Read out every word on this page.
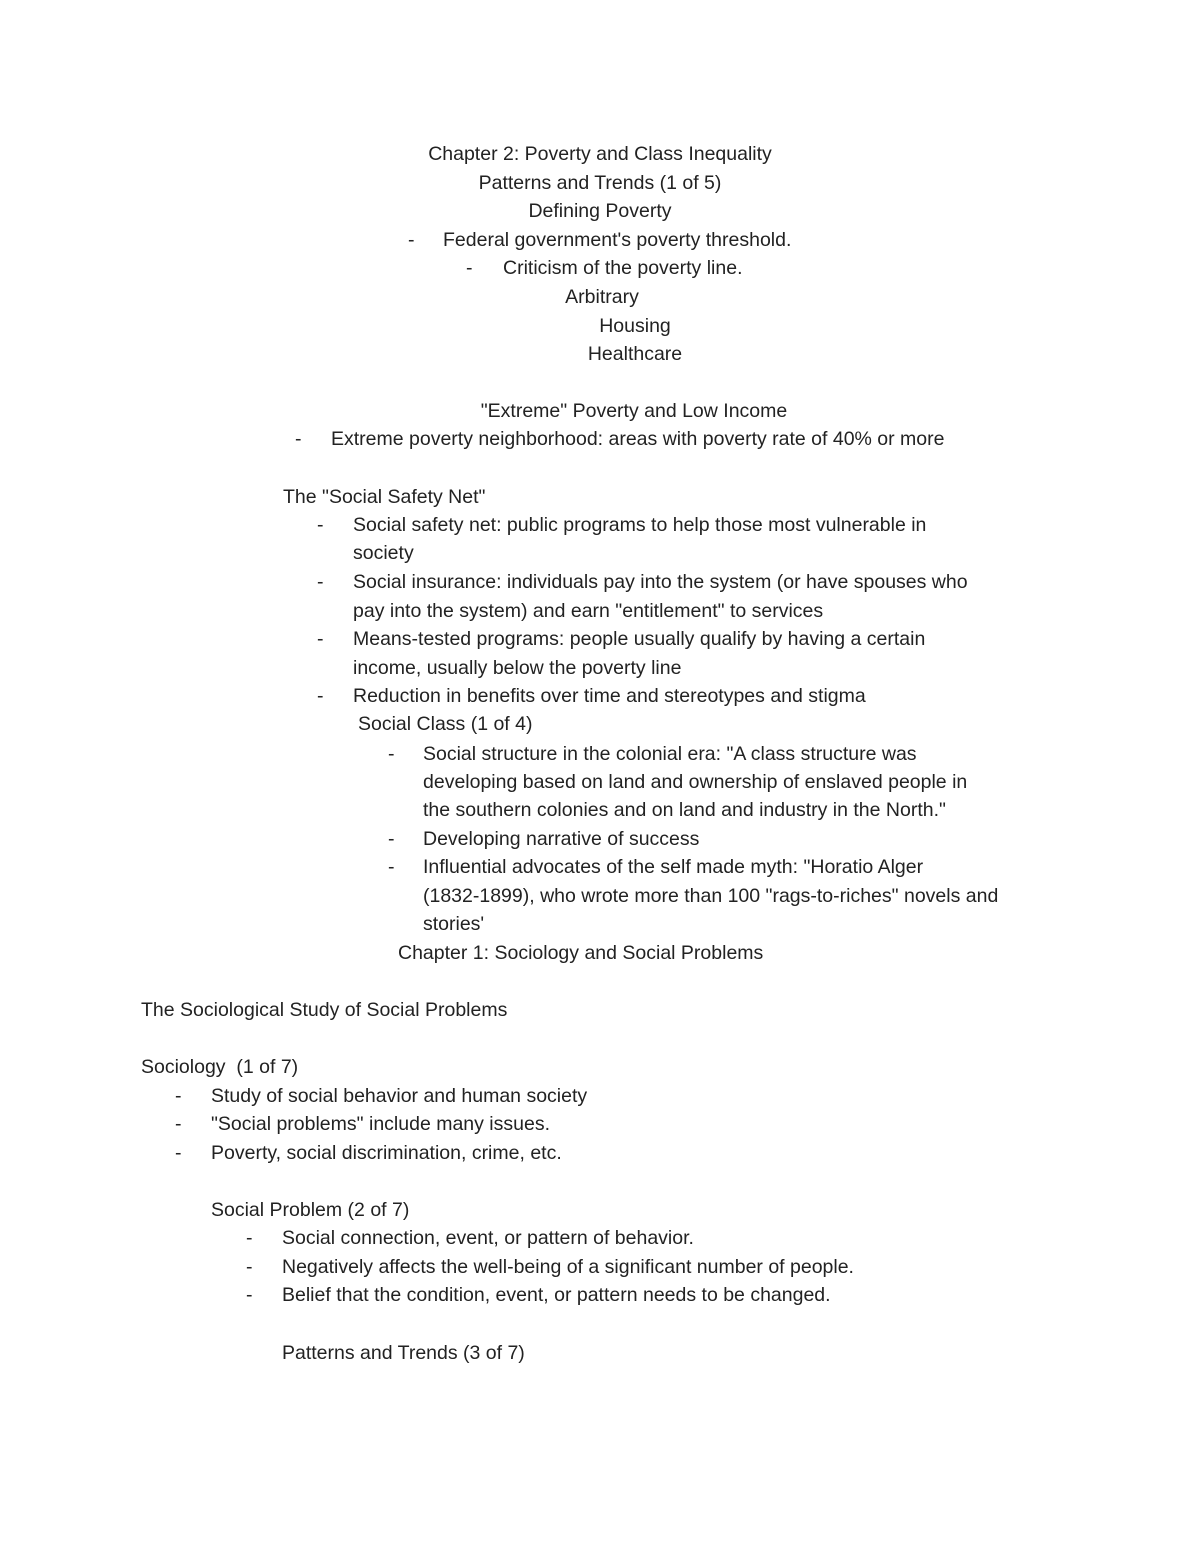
Chapter 2: Poverty and Class Inequality
Patterns and Trends (1 of 5)
Defining Poverty
- Federal government's poverty threshold.
- Criticism of the poverty line.
Arbitrary
Housing
Healthcare
"Extreme" Poverty and Low Income
- Extreme poverty neighborhood: areas with poverty rate of 40% or more
The "Social Safety Net"
- Social safety net: public programs to help those most vulnerable in
society
- Social insurance: individuals pay into the system (or have spouses who
pay into the system) and earn "entitlement" to services
- Means-tested programs: people usually qualify by having a certain
income, usually below the poverty line
- Reduction in benefits over time and stereotypes and stigma
Social Class (1 of 4)
- Social structure in the colonial era: "A class structure was
developing based on land and ownership of enslaved people in
the southern colonies and on land and industry in the North."
- Developing narrative of success
- Influential advocates of the self made myth: "Horatio Alger
(1832-1899), who wrote more than 100 "rags-to-riches" novels and
stories'
Chapter 1: Sociology and Social Problems
The Sociological Study of Social Problems
Sociology  (1 of 7)
- Study of social behavior and human society
- "Social problems" include many issues.
- Poverty, social discrimination, crime, etc.
Social Problem (2 of 7)
- Social connection, event, or pattern of behavior.
- Negatively affects the well-being of a significant number of people.
- Belief that the condition, event, or pattern needs to be changed.
Patterns and Trends (3 of 7)
